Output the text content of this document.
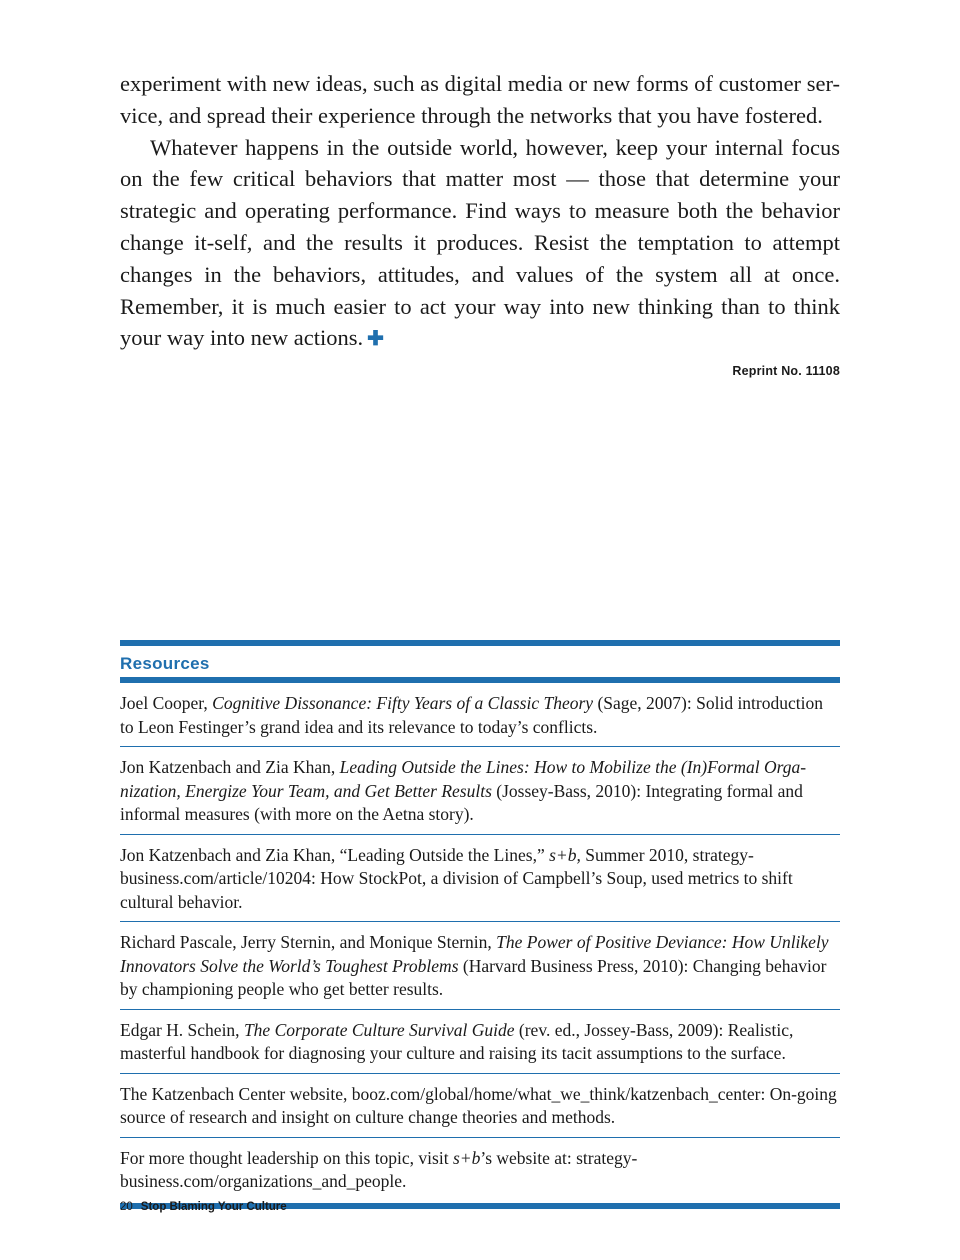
experiment with new ideas, such as digital media or new forms of customer ser-vice, and spread their experience through the networks that you have fostered.

Whatever happens in the outside world, however, keep your internal focus on the few critical behaviors that matter most — those that determine your strategic and operating performance. Find ways to measure both the behavior change it-self, and the results it produces. Resist the temptation to attempt changes in the behaviors, attitudes, and values of the system all at once. Remember, it is much easier to act your way into new thinking than to think your way into new actions. ✚

Reprint No. 11108
Resources
Joel Cooper, Cognitive Dissonance: Fifty Years of a Classic Theory (Sage, 2007): Solid introduction to Leon Festinger’s grand idea and its relevance to today’s conflicts.
Jon Katzenbach and Zia Khan, Leading Outside the Lines: How to Mobilize the (In)Formal Orga-nization, Energize Your Team, and Get Better Results (Jossey-Bass, 2010): Integrating formal and informal measures (with more on the Aetna story).
Jon Katzenbach and Zia Khan, “Leading Outside the Lines,” s+b, Summer 2010, strategy-business.com/article/10204: How StockPot, a division of Campbell’s Soup, used metrics to shift cultural behavior.
Richard Pascale, Jerry Sternin, and Monique Sternin, The Power of Positive Deviance: How Unlikely Innovators Solve the World’s Toughest Problems (Harvard Business Press, 2010): Changing behavior by championing people who get better results.
Edgar H. Schein, The Corporate Culture Survival Guide (rev. ed., Jossey-Bass, 2009): Realistic, masterful handbook for diagnosing your culture and raising its tacit assumptions to the surface.
The Katzenbach Center website, booz.com/global/home/what_we_think/katzenbach_center: On-going source of research and insight on culture change theories and methods.
For more thought leadership on this topic, visit s+b’s website at: strategy-business.com/organizations_and_people.
20 Stop Blaming Your Culture
